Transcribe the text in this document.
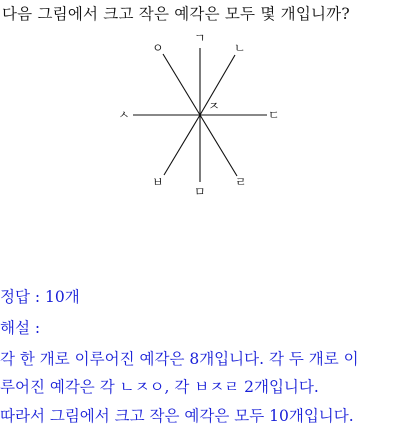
다음 그림에서 크고 작은 예각은 모두 몇 개입니까?
ㄱ
ㄴ
ㄷ
ㄹ
ㅁ
ㅂ
ㅅ
ㅇ
ㅈ
정답 : 10개
해설 :
각 한 개로 이루어진 예각은 8개입니다. 각 두 개로 이
루어진 예각은 각 ㄴㅈㅇ, 각 ㅂㅈㄹ 2개입니다.
따라서 그림에서 크고 작은 예각은 모두 10개입니다.
